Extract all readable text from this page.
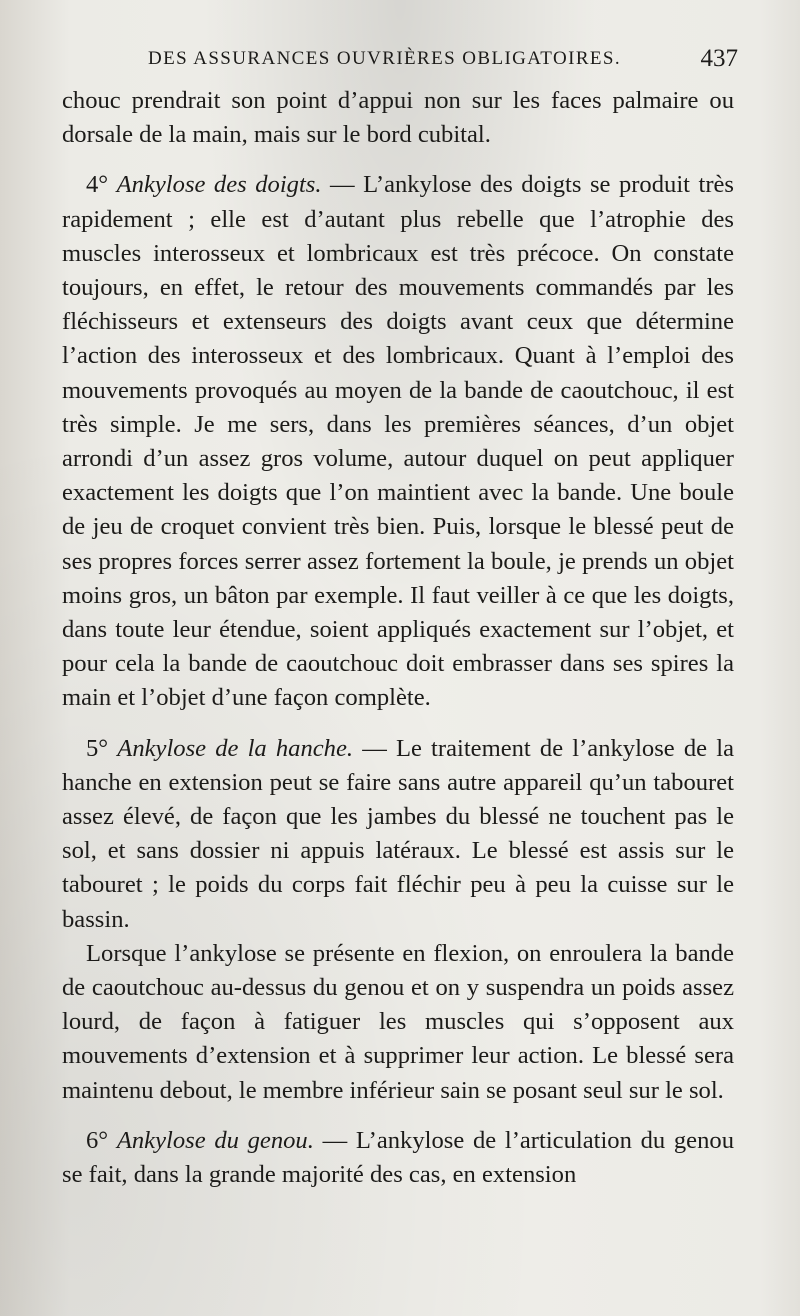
DES ASSURANCES OUVRIÈRES OBLIGATOIRES.	437

chouc prendrait son point d’appui non sur les faces palmaire ou dorsale de la main, mais sur le bord cubital.

4° Ankylose des doigts. — L’ankylose des doigts se produit très rapidement ; elle est d’autant plus rebelle que l’atrophie des muscles interosseux et lombricaux est très précoce. On constate toujours, en effet, le retour des mouvements commandés par les fléchisseurs et extenseurs des doigts avant ceux que détermine l’action des interosseux et des lombricaux. Quant à l’emploi des mouvements provoqués au moyen de la bande de caoutchouc, il est très simple. Je me sers, dans les premières séances, d’un objet arrondi d’un assez gros volume, autour duquel on peut appliquer exactement les doigts que l’on maintient avec la bande. Une boule de jeu de croquet convient très bien. Puis, lorsque le blessé peut de ses propres forces serrer assez fortement la boule, je prends un objet moins gros, un bâton par exemple. Il faut veiller à ce que les doigts, dans toute leur étendue, soient appliqués exactement sur l’objet, et pour cela la bande de caoutchouc doit embrasser dans ses spires la main et l’objet d’une façon complète.

5° Ankylose de la hanche. — Le traitement de l’ankylose de la hanche en extension peut se faire sans autre appareil qu’un tabouret assez élevé, de façon que les jambes du blessé ne touchent pas le sol, et sans dossier ni appuis latéraux. Le blessé est assis sur le tabouret ; le poids du corps fait fléchir peu à peu la cuisse sur le bassin.

Lorsque l’ankylose se présente en flexion, on enroulera la bande de caoutchouc au-dessus du genou et on y suspendra un poids assez lourd, de façon à fatiguer les muscles qui s’opposent aux mouvements d’extension et à supprimer leur action. Le blessé sera maintenu debout, le membre inférieur sain se posant seul sur le sol.

6° Ankylose du genou. — L’ankylose de l’articulation du genou se fait, dans la grande majorité des cas, en extension
